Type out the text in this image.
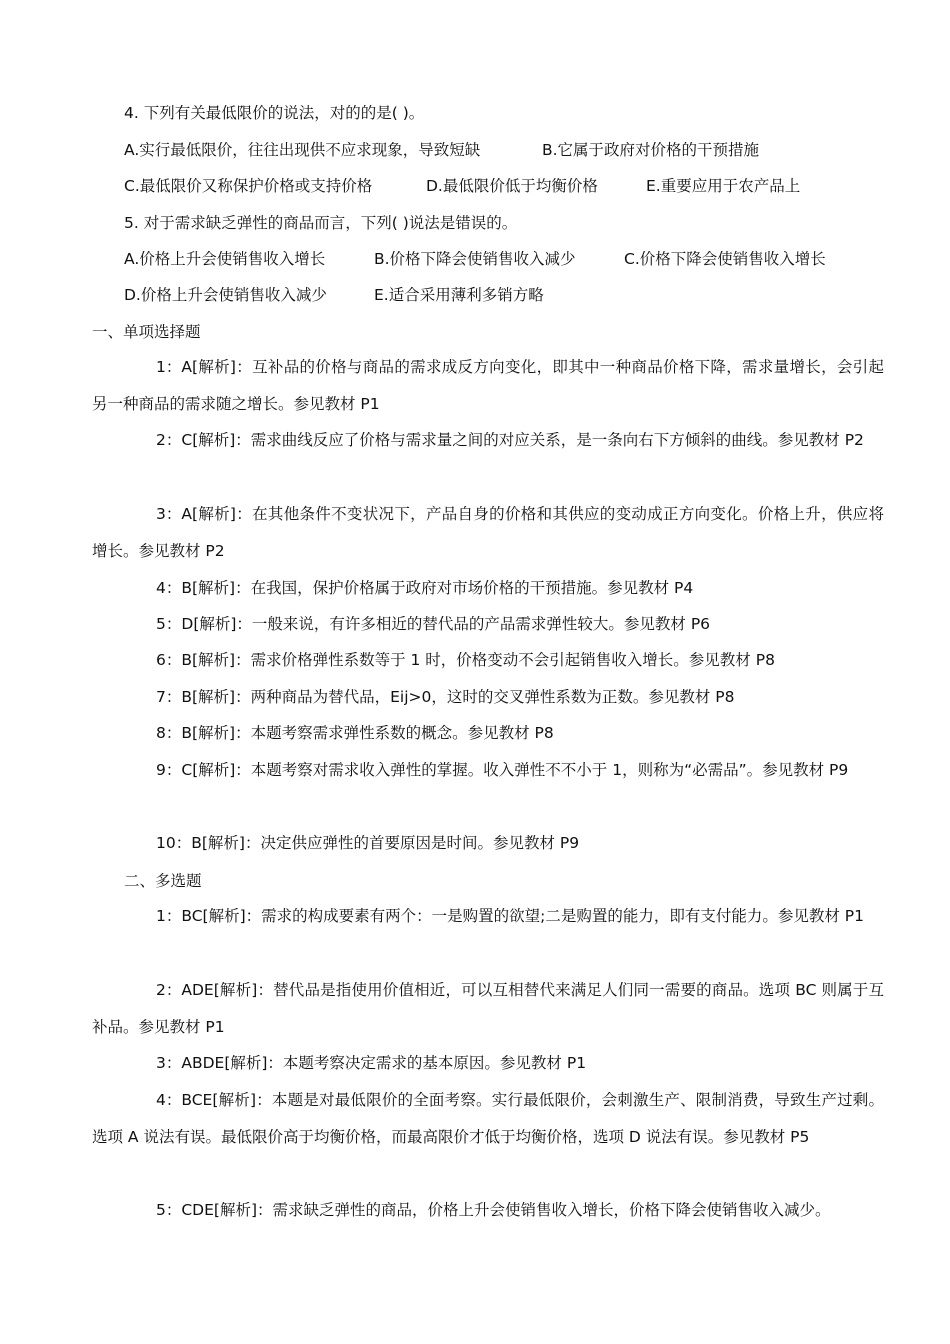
4. 下列有关最低限价的说法，对的的是( )。
A.实行最低限价，往往出现供不应求现象，导致短缺	B.它属于政府对价格的干预措施
C.最低限价又称保护价格或支持价格	D.最低限价低于均衡价格	E.重要应用于农产品上
5. 对于需求缺乏弹性的商品而言，下列( )说法是错误的。
A.价格上升会使销售收入增长	B.价格下降会使销售收入减少	C.价格下降会使销售收入增长
D.价格上升会使销售收入减少	E.适合采用薄利多销方略
一、单项选择题
1：A[解析]：互补品的价格与商品的需求成反方向变化，即其中一种商品价格下降，需求量增长，会引起另一种商品的需求随之增长。参见教材 P1
2：C[解析]：需求曲线反应了价格与需求量之间的对应关系，是一条向右下方倾斜的曲线。参见教材 P2
3：A[解析]：在其他条件不变状况下，产品自身的价格和其供应的变动成正方向变化。价格上升，供应将增长。参见教材 P2
4：B[解析]：在我国，保护价格属于政府对市场价格的干预措施。参见教材 P4
5：D[解析]：一般来说，有许多相近的替代品的产品需求弹性较大。参见教材 P6
6：B[解析]：需求价格弹性系数等于 1 时，价格变动不会引起销售收入增长。参见教材 P8
7：B[解析]：两种商品为替代品，Eij>0，这时的交叉弹性系数为正数。参见教材 P8
8：B[解析]：本题考察需求弹性系数的概念。参见教材 P8
9：C[解析]：本题考察对需求收入弹性的掌握。收入弹性不不小于 1，则称为“必需品”。参见教材 P9
10：B[解析]：决定供应弹性的首要原因是时间。参见教材 P9
二、多选题
1：BC[解析]：需求的构成要素有两个：一是购置的欲望;二是购置的能力，即有支付能力。参见教材 P1
2：ADE[解析]：替代品是指使用价值相近，可以互相替代来满足人们同一需要的商品。选项 BC 则属于互补品。参见教材 P1
3：ABDE[解析]：本题考察决定需求的基本原因。参见教材 P1
4：BCE[解析]：本题是对最低限价的全面考察。实行最低限价，会刺激生产、限制消费，导致生产过剩。选项 A 说法有误。最低限价高于均衡价格，而最高限价才低于均衡价格，选项 D 说法有误。参见教材 P5
5：CDE[解析]：需求缺乏弹性的商品，价格上升会使销售收入增长，价格下降会使销售收入减少。
